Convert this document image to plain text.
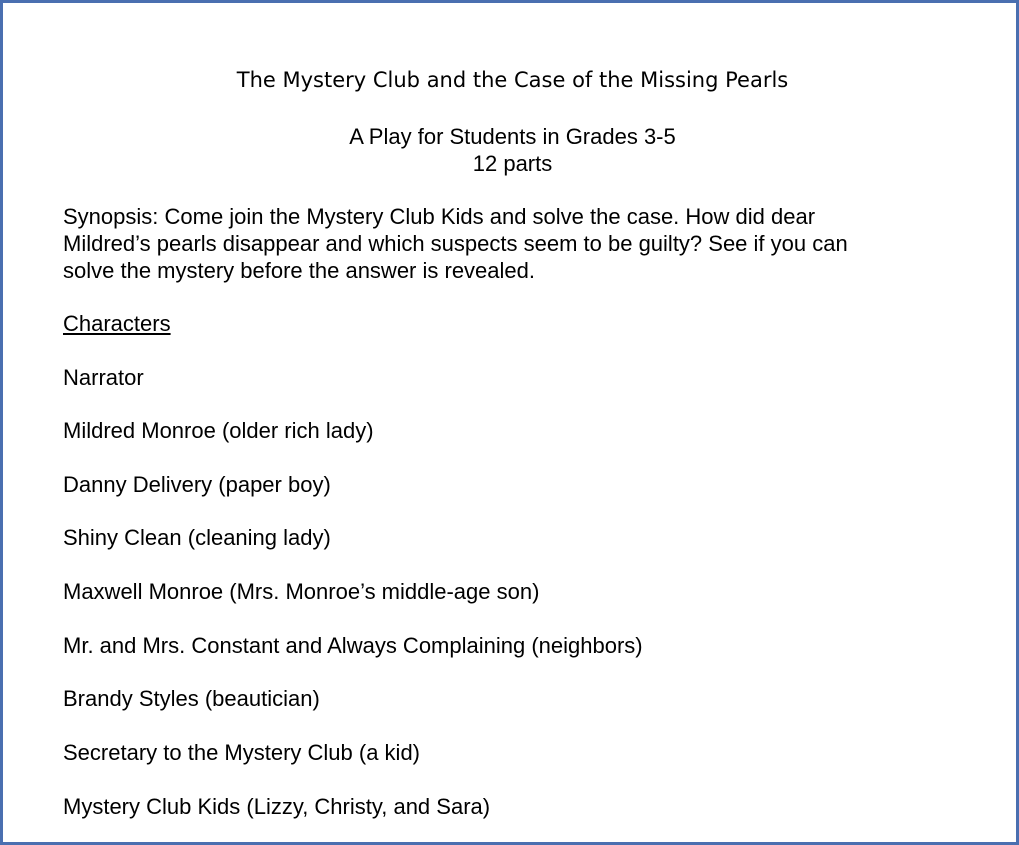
The Mystery Club and the Case of the Missing Pearls
A Play for Students in Grades 3-5
12 parts
Synopsis: Come join the Mystery Club Kids and solve the case. How did dear
Mildred’s pearls disappear and which suspects seem to be guilty? See if you can
solve the mystery before the answer is revealed.
Characters
Narrator
Mildred Monroe (older rich lady)
Danny Delivery (paper boy)
Shiny Clean (cleaning lady)
Maxwell Monroe (Mrs. Monroe’s middle-age son)
Mr. and Mrs. Constant and Always Complaining (neighbors)
Brandy Styles (beautician)
Secretary to the Mystery Club (a kid)
Mystery Club Kids (Lizzy, Christy, and Sara)
